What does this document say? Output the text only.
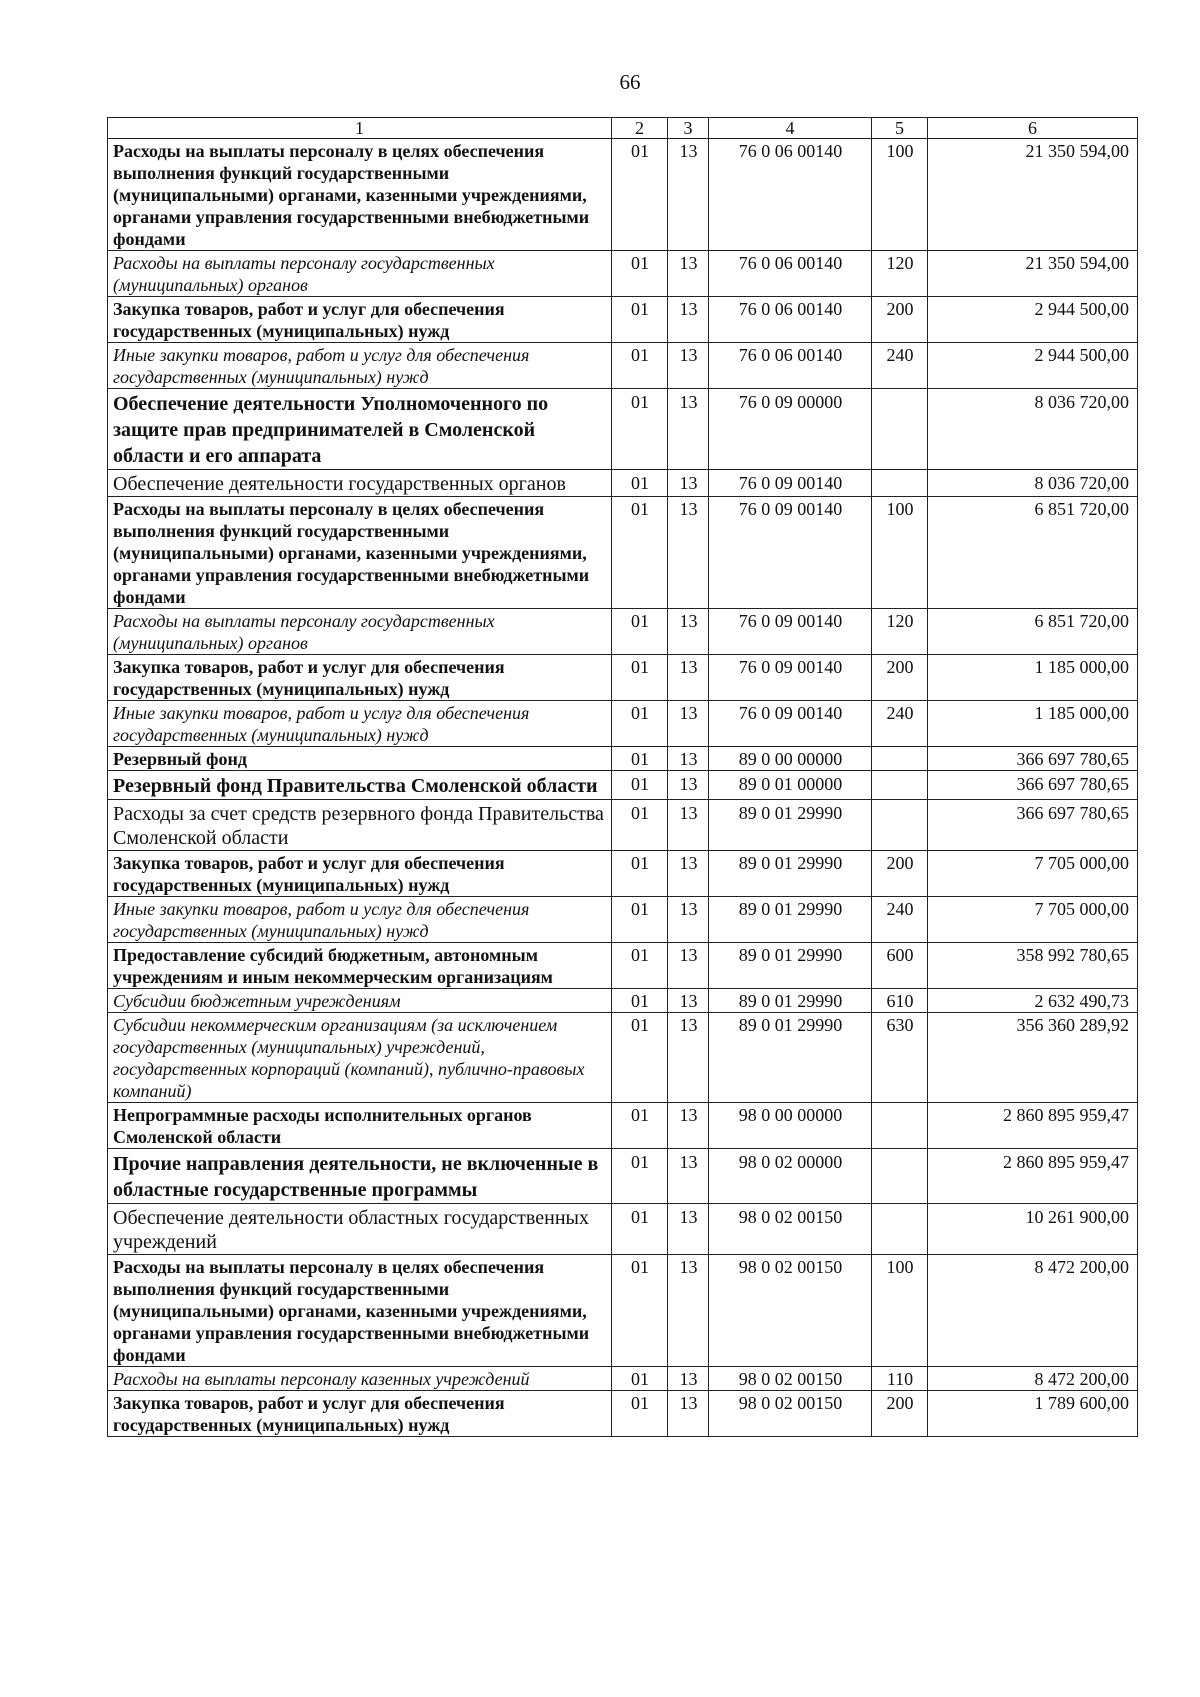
66
1	2	3	4	5	6
Расходы на выплаты персоналу в целях обеспечения выполнения функций государственными (муниципальными) органами, казенными учреждениями, органами управления государственными внебюджетными фондами	01	13	76 0 06 00140	100	21 350 594,00
Расходы на выплаты персоналу государственных (муниципальных) органов	01	13	76 0 06 00140	120	21 350 594,00
Закупка товаров, работ и услуг для обеспечения государственных (муниципальных) нужд	01	13	76 0 06 00140	200	2 944 500,00
Иные закупки товаров, работ и услуг для обеспечения государственных (муниципальных) нужд	01	13	76 0 06 00140	240	2 944 500,00
Обеспечение деятельности Уполномоченного по защите прав предпринимателей в Смоленской области и его аппарата	01	13	76 0 09 00000		8 036 720,00
Обеспечение деятельности государственных органов	01	13	76 0 09 00140		8 036 720,00
Расходы на выплаты персоналу в целях обеспечения выполнения функций государственными (муниципальными) органами, казенными учреждениями, органами управления государственными внебюджетными фондами	01	13	76 0 09 00140	100	6 851 720,00
Расходы на выплаты персоналу государственных (муниципальных) органов	01	13	76 0 09 00140	120	6 851 720,00
Закупка товаров, работ и услуг для обеспечения государственных (муниципальных) нужд	01	13	76 0 09 00140	200	1 185 000,00
Иные закупки товаров, работ и услуг для обеспечения государственных (муниципальных) нужд	01	13	76 0 09 00140	240	1 185 000,00
Резервный фонд	01	13	89 0 00 00000		366 697 780,65
Резервный фонд Правительства Смоленской области	01	13	89 0 01 00000		366 697 780,65
Расходы за счет средств резервного фонда Правительства Смоленской области	01	13	89 0 01 29990		366 697 780,65
Закупка товаров, работ и услуг для обеспечения государственных (муниципальных) нужд	01	13	89 0 01 29990	200	7 705 000,00
Иные закупки товаров, работ и услуг для обеспечения государственных (муниципальных) нужд	01	13	89 0 01 29990	240	7 705 000,00
Предоставление субсидий бюджетным, автономным учреждениям и иным некоммерческим организациям	01	13	89 0 01 29990	600	358 992 780,65
Субсидии бюджетным учреждениям	01	13	89 0 01 29990	610	2 632 490,73
Субсидии некоммерческим организациям (за исключением государственных (муниципальных) учреждений, государственных корпораций (компаний), публично-правовых компаний)	01	13	89 0 01 29990	630	356 360 289,92
Непрограммные расходы исполнительных органов Смоленской области	01	13	98 0 00 00000		2 860 895 959,47
Прочие направления деятельности, не включенные в областные государственные программы	01	13	98 0 02 00000		2 860 895 959,47
Обеспечение деятельности областных государственных учреждений	01	13	98 0 02 00150		10 261 900,00
Расходы на выплаты персоналу в целях обеспечения выполнения функций государственными (муниципальными) органами, казенными учреждениями, органами управления государственными внебюджетными фондами	01	13	98 0 02 00150	100	8 472 200,00
Расходы на выплаты персоналу казенных учреждений	01	13	98 0 02 00150	110	8 472 200,00
Закупка товаров, работ и услуг для обеспечения государственных (муниципальных) нужд	01	13	98 0 02 00150	200	1 789 600,00
